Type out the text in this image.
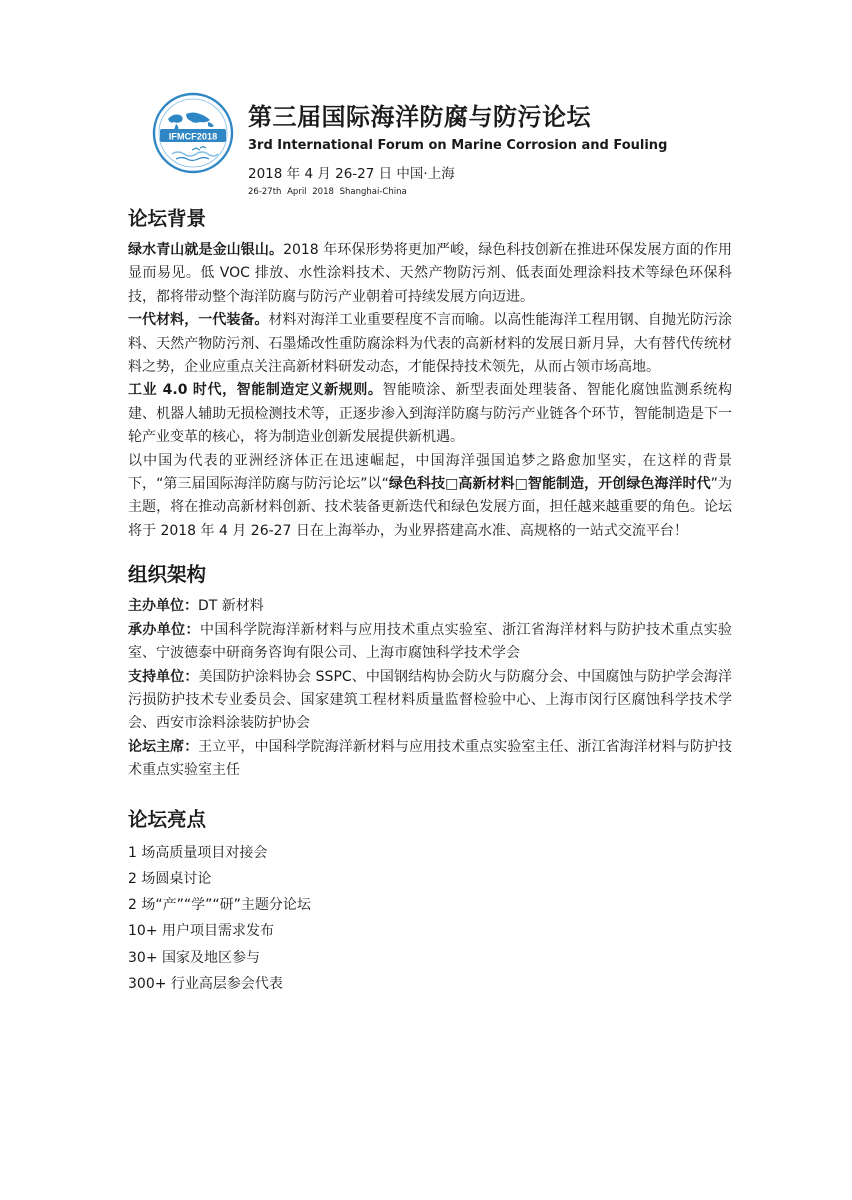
IFMCF2018
第三届国际海洋防腐与防污论坛
3rd International Forum on Marine Corrosion and Fouling
2018 年 4 月 26-27 日 中国·上海
26-27th April 2018 Shanghai-China
论坛背景

绿水青山就是金山银山。2018 年环保形势将更加严峻，绿色科技创新在推进环保发展方面的作用显而易见。低 VOC 排放、水性涂料技术、天然产物防污剂、低表面处理涂料技术等绿色环保科技，都将带动整个海洋防腐与防污产业朝着可持续发展方向迈进。

一代材料，一代装备。材料对海洋工业重要程度不言而喻。以高性能海洋工程用钢、自抛光防污涂料、天然产物防污剂、石墨烯改性重防腐涂料为代表的高新材料的发展日新月异，大有替代传统材料之势，企业应重点关注高新材料研发动态，才能保持技术领先，从而占领市场高地。

工业 4.0 时代，智能制造定义新规则。智能喷涂、新型表面处理装备、智能化腐蚀监测系统构建、机器人辅助无损检测技术等，正逐步渗入到海洋防腐与防污产业链各个环节，智能制造是下一轮产业变革的核心，将为制造业创新发展提供新机遇。

以中国为代表的亚洲经济体正在迅速崛起，中国海洋强国追梦之路愈加坚实，在这样的背景下，“第三届国际海洋防腐与防污论坛”以“绿色科技□高新材料□智能制造，开创绿色海洋时代”为主题，将在推动高新材料创新、技术装备更新迭代和绿色发展方面，担任越来越重要的角色。论坛将于 2018 年 4 月 26-27 日在上海举办，为业界搭建高水准、高规格的一站式交流平台！

组织架构

主办单位：DT 新材料

承办单位：中国科学院海洋新材料与应用技术重点实验室、浙江省海洋材料与防护技术重点实验室、宁波德泰中研商务咨询有限公司、上海市腐蚀科学技术学会

支持单位：美国防护涂料协会 SSPC、中国钢结构协会防火与防腐分会、中国腐蚀与防护学会海洋污损防护技术专业委员会、国家建筑工程材料质量监督检验中心、上海市闵行区腐蚀科学技术学会、西安市涂料涂装防护协会

论坛主席：王立平，中国科学院海洋新材料与应用技术重点实验室主任、浙江省海洋材料与防护技术重点实验室主任

论坛亮点
1 场高质量项目对接会
2 场圆桌讨论
2 场“产”“学”“研”主题分论坛
10+ 用户项目需求发布
30+ 国家及地区参与
300+ 行业高层参会代表
